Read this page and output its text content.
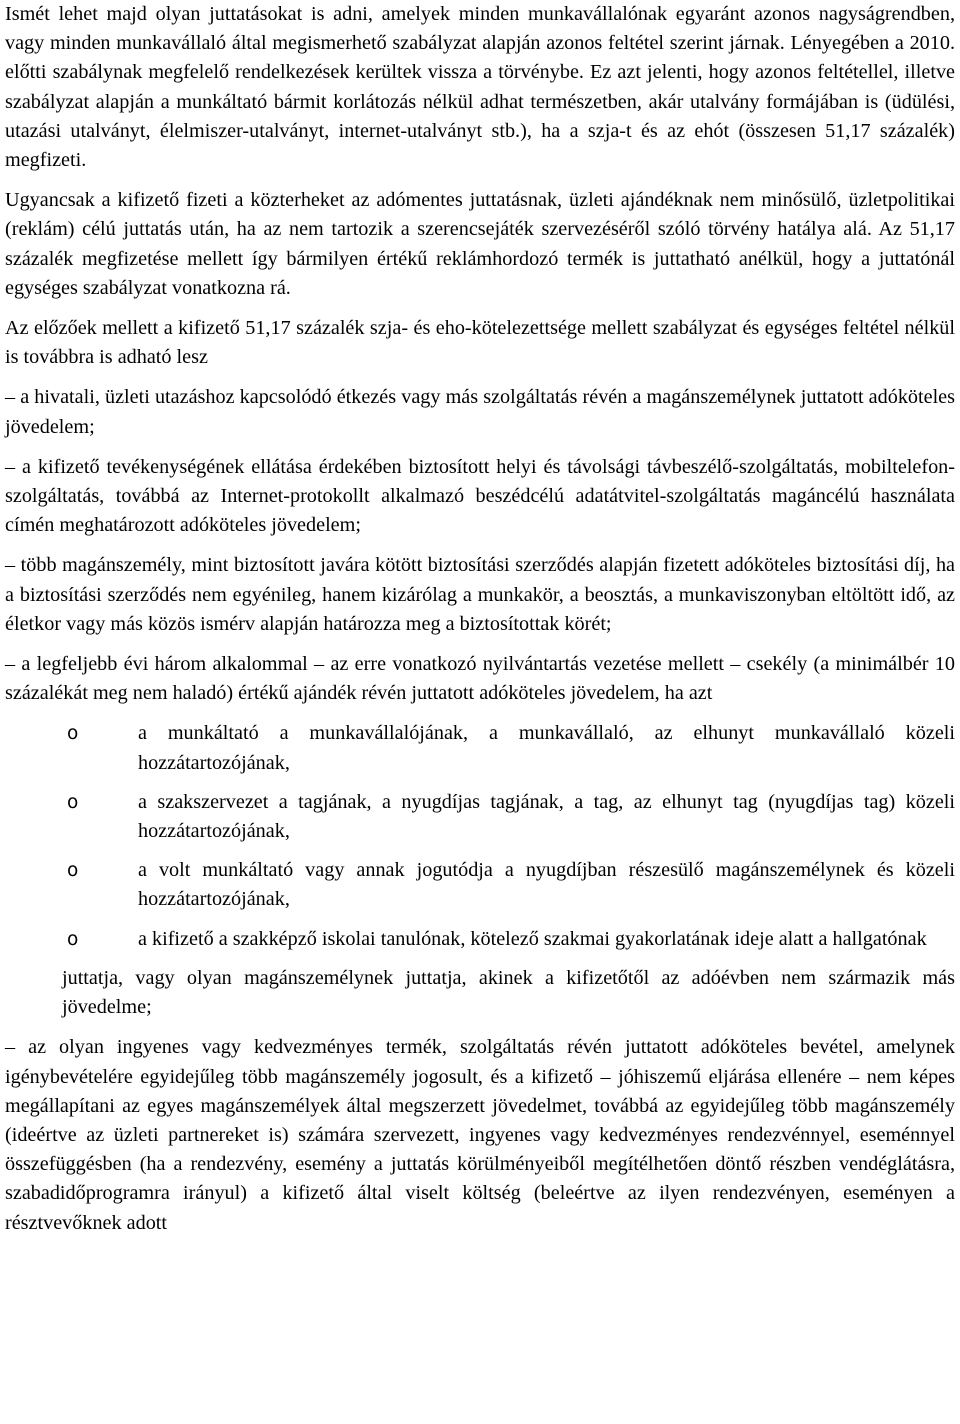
Ismét lehet majd olyan juttatásokat is adni, amelyek minden munkavállalónak egyaránt azonos nagyságrendben, vagy minden munkavállaló által megismerhető szabályzat alapján azonos feltétel szerint járnak. Lényegében a 2010. előtti szabálynak megfelelő rendelkezések kerültek vissza a törvénybe. Ez azt jelenti, hogy azonos feltétellel, illetve szabályzat alapján a munkáltató bármit korlátozás nélkül adhat természetben, akár utalvány formájában is (üdülési, utazási utalványt, élelmiszer-utalványt, internet-utalványt stb.), ha a szja-t és az ehót (összesen 51,17 százalék) megfizeti.

Ugyancsak a kifizető fizeti a közterheket az adómentes juttatásnak, üzleti ajándéknak nem minősülő, üzletpolitikai (reklám) célú juttatás után, ha az nem tartozik a szerencsejáték szervezéséről szóló törvény hatálya alá. Az 51,17 százalék megfizetése mellett így bármilyen értékű reklámhordozó termék is juttatható anélkül, hogy a juttatónál egységes szabályzat vonatkozna rá.

Az előzőek mellett a kifizető 51,17 százalék szja- és eho-kötelezettsége mellett szabályzat és egységes feltétel nélkül is továbbra is adható lesz

– a hivatali, üzleti utazáshoz kapcsolódó étkezés vagy más szolgáltatás révén a magánszemélynek juttatott adóköteles jövedelem;

– a kifizető tevékenységének ellátása érdekében biztosított helyi és távolsági távbeszélő-szolgáltatás, mobiltelefon-szolgáltatás, továbbá az Internet-protokollt alkalmazó beszédcélú adatátvitel-szolgáltatás magáncélú használata címén meghatározott adóköteles jövedelem;

– több magánszemély, mint biztosított javára kötött biztosítási szerződés alapján fizetett adóköteles biztosítási díj, ha a biztosítási szerződés nem egyénileg, hanem kizárólag a munkakör, a beosztás, a munkaviszonyban eltöltött idő, az életkor vagy más közös ismérv alapján határozza meg a biztosítottak körét;

– a legfeljebb évi három alkalommal – az erre vonatkozó nyilvántartás vezetése mellett – csekély (a minimálbér 10 százalékát meg nem haladó) értékű ajándék révén juttatott adóköteles jövedelem, ha azt

o	a munkáltató a munkavállalójának, a munkavállaló, az elhunyt munkavállaló közeli hozzátartozójának,

o	a szakszervezet a tagjának, a nyugdíjas tagjának, a tag, az elhunyt tag (nyugdíjas tag) közeli hozzátartozójának,

o	a volt munkáltató vagy annak jogutódja a nyugdíjban részesülő magánszemélynek és közeli hozzátartozójának,

o	a kifizető a szakképző iskolai tanulónak, kötelező szakmai gyakorlatának ideje alatt a hallgatónak

juttatja, vagy olyan magánszemélynek juttatja, akinek a kifizetőtől az adóévben nem származik más jövedelme;

– az olyan ingyenes vagy kedvezményes termék, szolgáltatás révén juttatott adóköteles bevétel, amelynek igénybevételére egyidejűleg több magánszemély jogosult, és a kifizető – jóhiszemű eljárása ellenére – nem képes megállapítani az egyes magánszemélyek által megszerzett jövedelmet, továbbá az egyidejűleg több magánszemély (ideértve az üzleti partnereket is) számára szervezett, ingyenes vagy kedvezményes rendezvénnyel, eseménnyel összefüggésben (ha a rendezvény, esemény a juttatás körülményeiből megítélhetően döntő részben vendéglátásra, szabadidőprogramra irányul) a kifizető által viselt költség (beleértve az ilyen rendezvényen, eseményen a résztvevőknek adott
